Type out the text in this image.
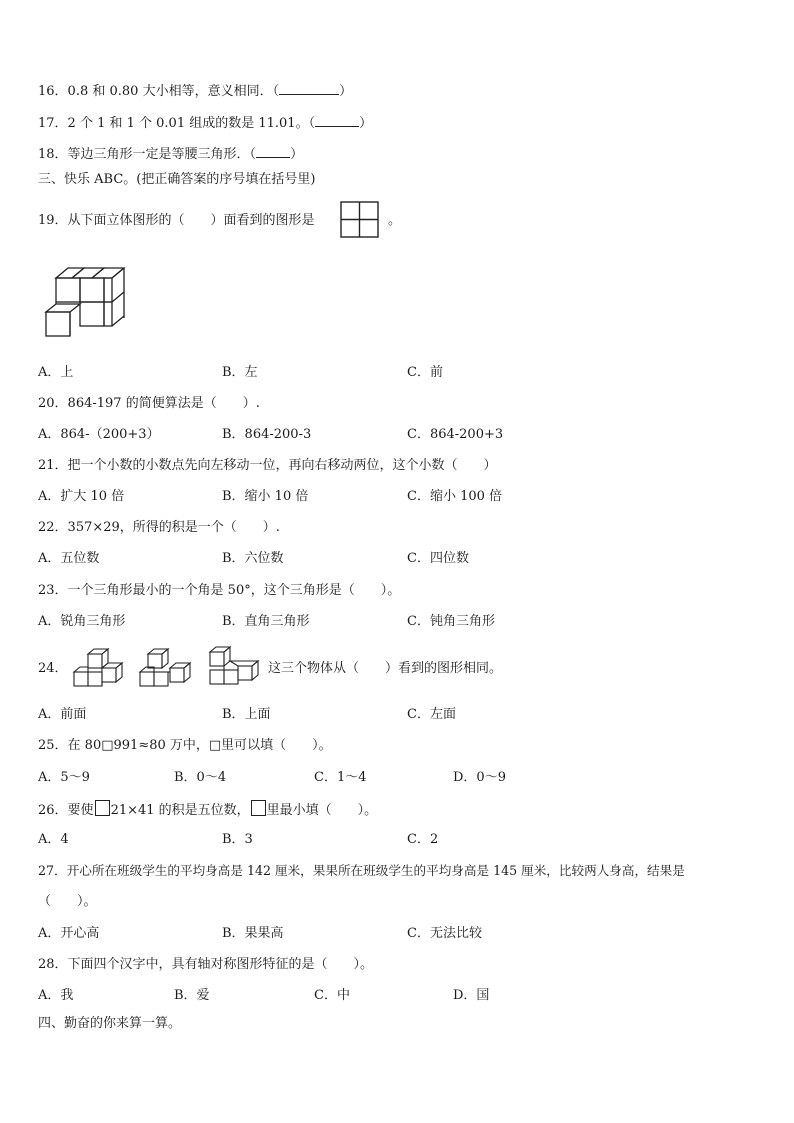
16．0.8 和 0.80 大小相等，意义相同．（	）
17．2 个 1 和 1 个 0.01 组成的数是 11.01。（	）
18．等边三角形一定是等腰三角形．（	）
三、快乐 ABC。(把正确答案的序号填在括号里)
19．从下面立体图形的（　　）面看到的图形是	。
A．上	B．左	C．前
20．864-197 的简便算法是（　　）.
A．864-（200+3）	B．864-200-3	C．864-200+3
21．把一个小数的小数点先向左移动一位，再向右移动两位，这个小数（　　）
A．扩大 10 倍	B．缩小 10 倍	C．缩小 100 倍
22．357×29，所得的积是一个（　　）.
A．五位数	B．六位数	C．四位数
23．一个三角形最小的一个角是 50°，这个三角形是（　　）。
A．锐角三角形	B．直角三角形	C．钝角三角形
24．	这三个物体从（　　）看到的图形相同。
A．前面	B．上面	C．左面
25．在 80□991≈80 万中，□里可以填（　　）。
A．5～9	B．0～4	C．1～4	D．0～9
26．要使 21×41 的积是五位数， 里最小填（　　）。
A．4	B．3	C．2
27．开心所在班级学生的平均身高是 142 厘米，果果所在班级学生的平均身高是 145 厘米，比较两人身高，结果是
（　　）。
A．开心高	B．果果高	C．无法比较
28．下面四个汉字中，具有轴对称图形特征的是（　　）。
A．我	B．爱	C．中	D．国
四、勤奋的你来算一算。
